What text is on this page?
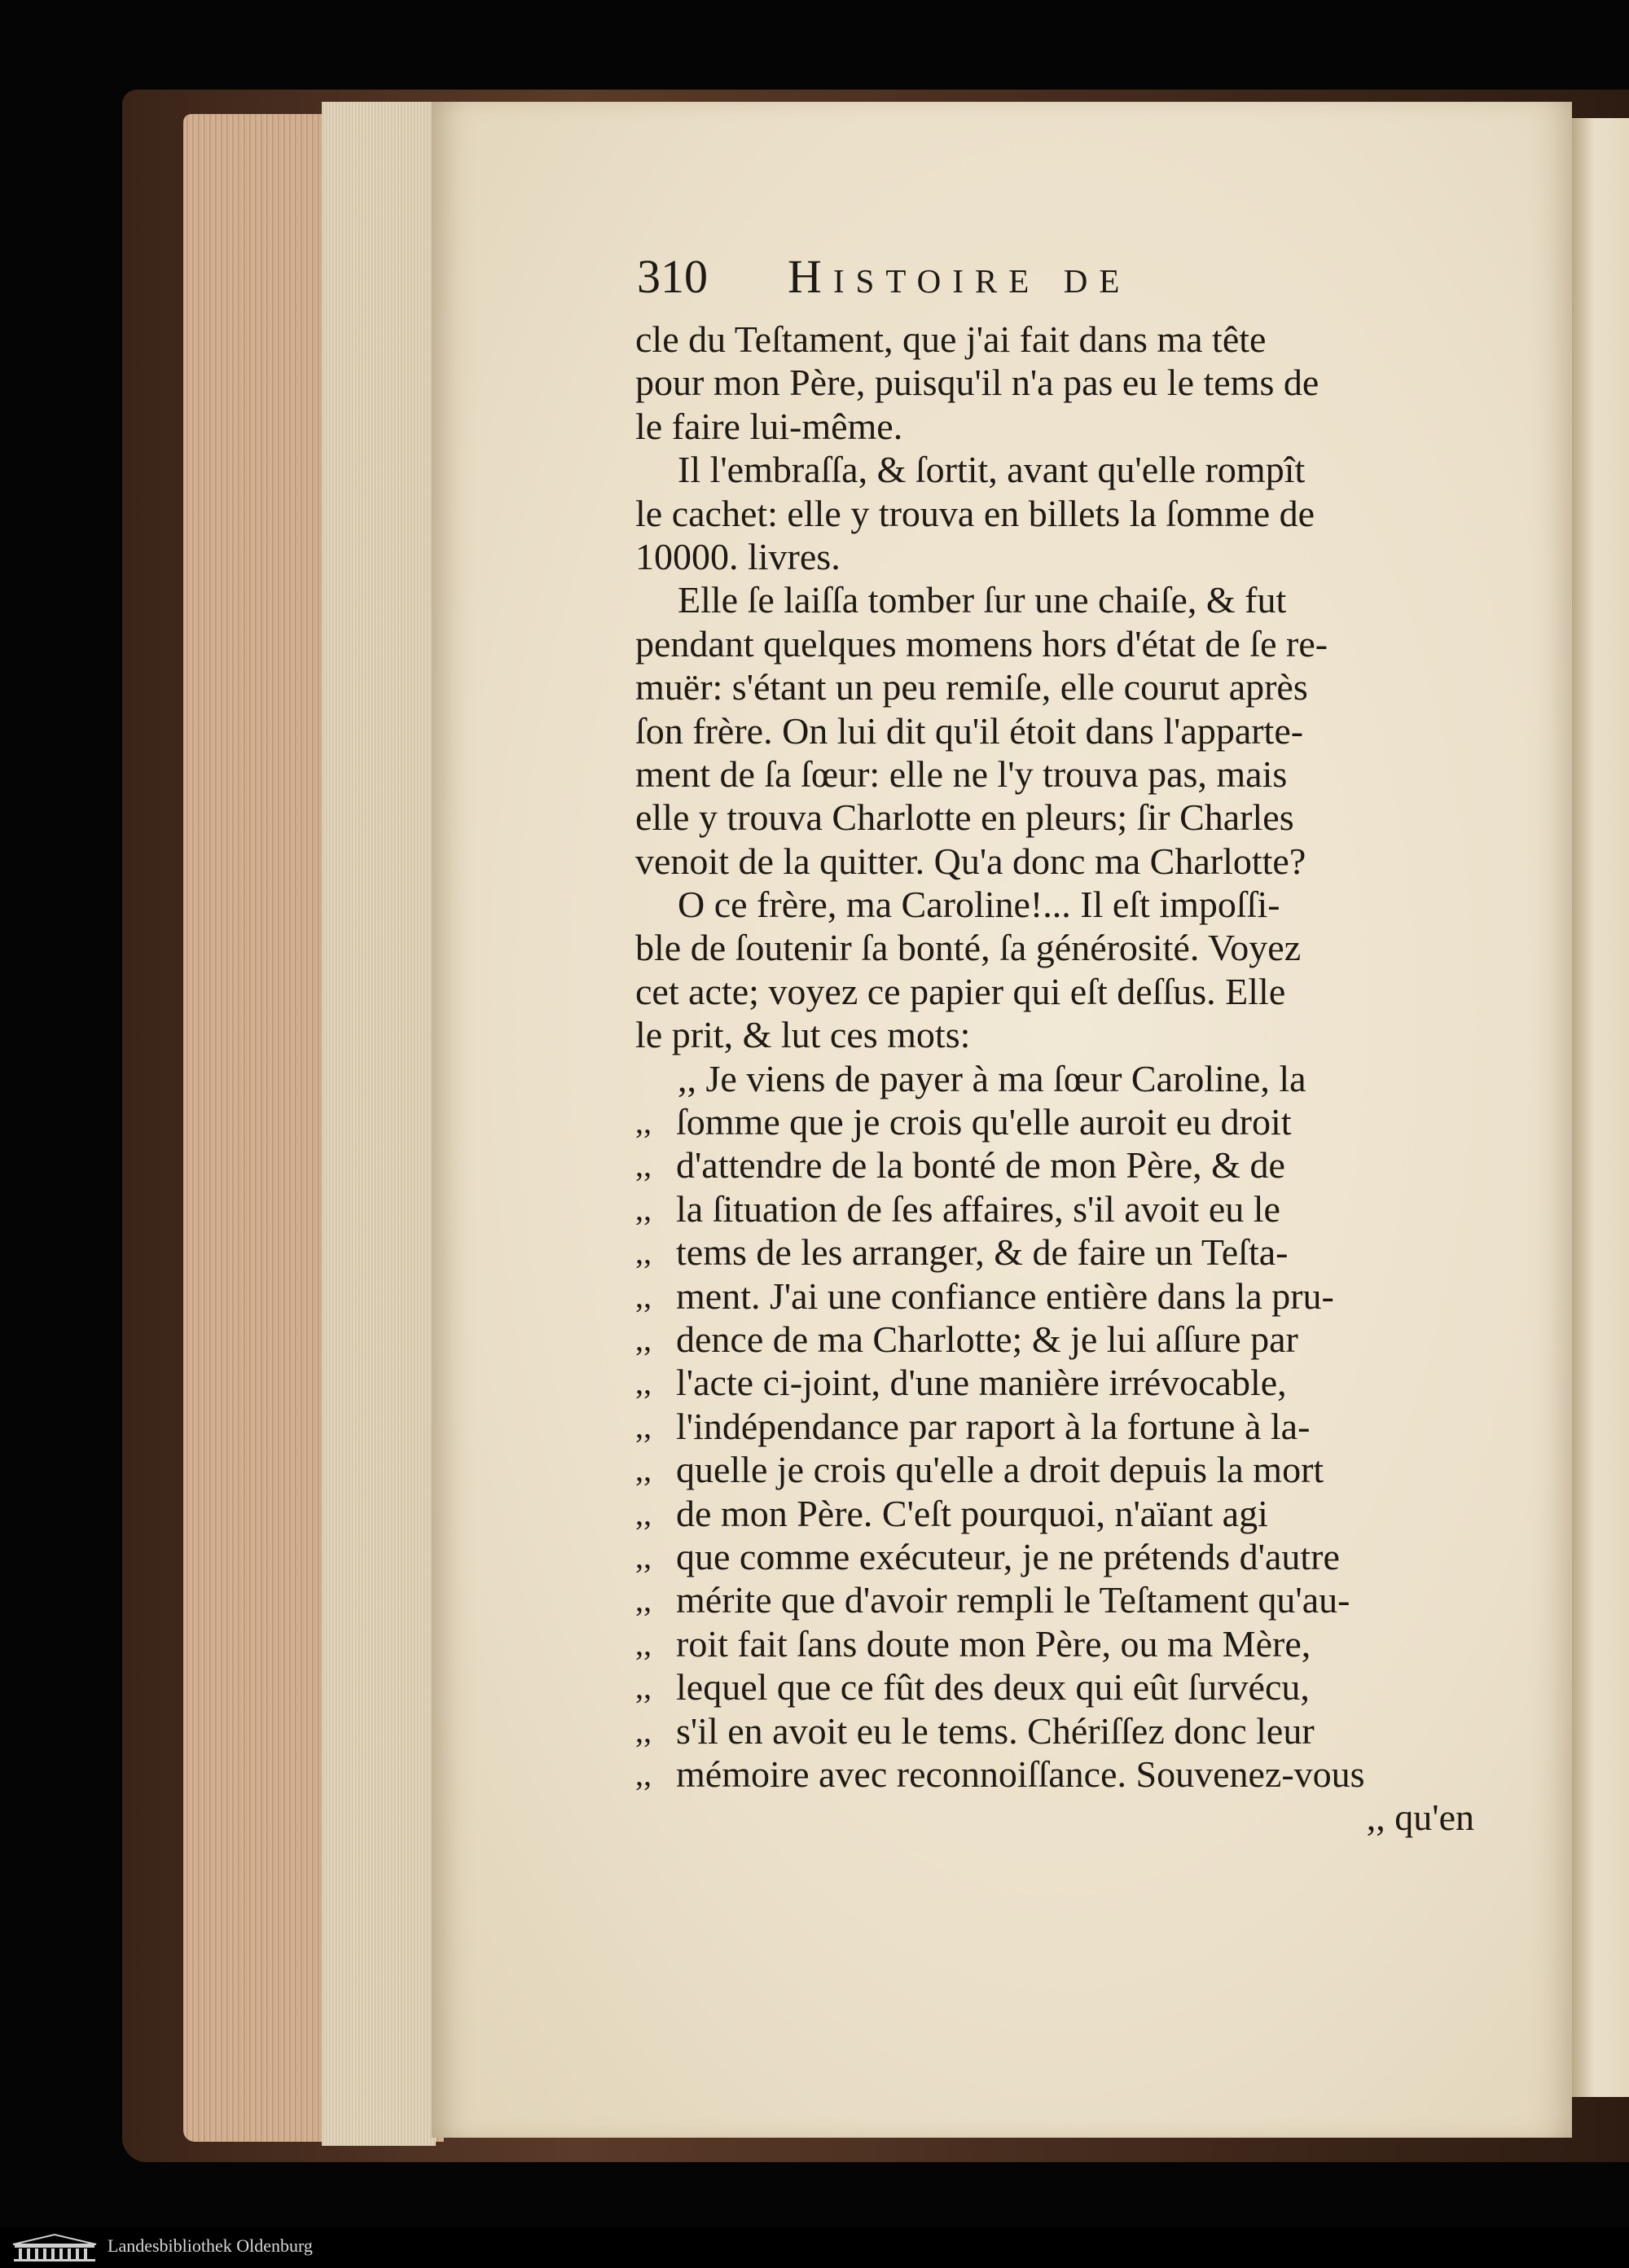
310 Histoire de
cle du Teſtament, que j'ai fait dans ma tête
pour mon Père, puisqu'il n'a pas eu le tems de
le faire lui-même.
Il l'embraſſa, & ſortit, avant qu'elle rompît
le cachet: elle y trouva en billets la ſomme de
10000. livres.
Elle ſe laiſſa tomber ſur une chaiſe, & fut
pendant quelques momens hors d'état de ſe re-
muër: s'étant un peu remiſe, elle courut après
ſon frère. On lui dit qu'il étoit dans l'apparte-
ment de ſa ſœur: elle ne l'y trouva pas, mais
elle y trouva Charlotte en pleurs; ſir Charles
venoit de la quitter. Qu'a donc ma Charlotte?
O ce frère, ma Caroline!... Il eſt impoſſi-
ble de ſoutenir ſa bonté, ſa générosité. Voyez
cet acte; voyez ce papier qui eſt deſſus. Elle
le prit, & lut ces mots:
,, Je viens de payer à ma ſœur Caroline, la
,, ſomme que je crois qu'elle auroit eu droit
,, d'attendre de la bonté de mon Père, & de
,, la ſituation de ſes affaires, s'il avoit eu le
,, tems de les arranger, & de faire un Teſta-
,, ment. J'ai une confiance entière dans la pru-
,, dence de ma Charlotte; & je lui aſſure par
,, l'acte ci-joint, d'une manière irrévocable,
,, l'indépendance par raport à la fortune à la-
,, quelle je crois qu'elle a droit depuis la mort
,, de mon Père. C'eſt pourquoi, n'aïant agi
,, que comme exécuteur, je ne prétends d'autre
,, mérite que d'avoir rempli le Teſtament qu'au-
,, roit fait ſans doute mon Père, ou ma Mère,
,, lequel que ce fût des deux qui eût ſurvécu,
,, s'il en avoit eu le tems. Chériſſez donc leur
,, mémoire avec reconnoiſſance. Souvenez-vous
,, qu'en
Landesbibliothek Oldenburg
